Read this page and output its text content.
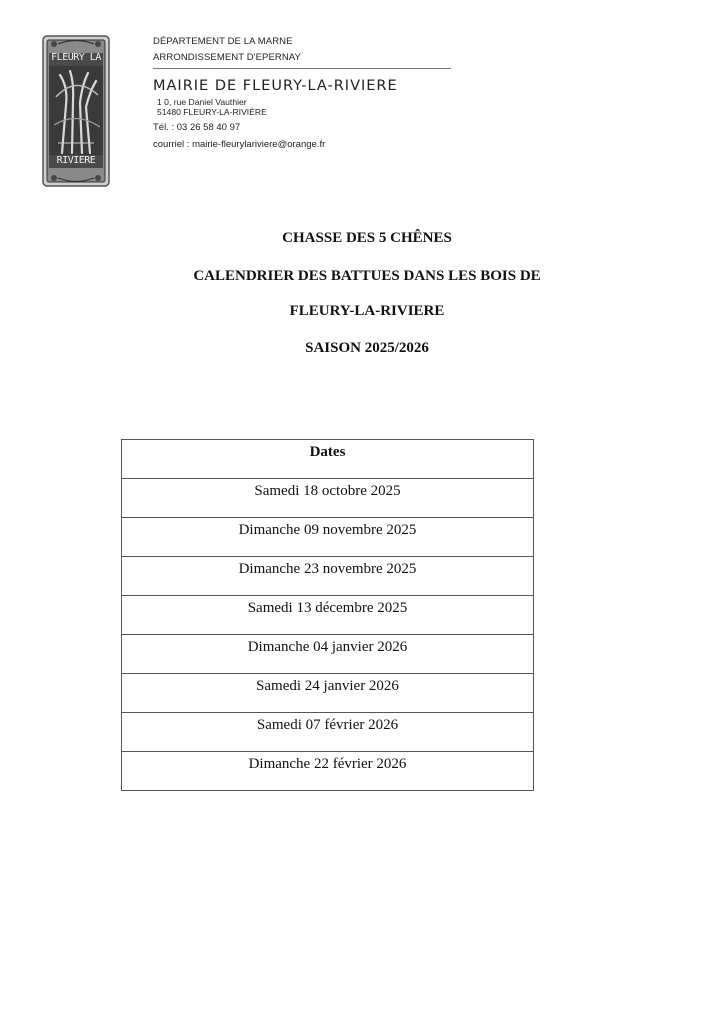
FLEURY LA
RIVIERE
DÉPARTEMENT DE LA MARNE
ARRONDISSEMENT D'EPERNAY
MAIRIE DE FLEURY-LA-RIVIERE
1 0, rue Daniel Vauthier
51480 FLEURY-LA-RIVIÈRE
Tél. : 03 26 58 40 97
courriel : mairie-fleurylariviere@orange.fr
CHASSE DES 5 CHÊNES
CALENDRIER DES BATTUES DANS LES BOIS DE
FLEURY-LA-RIVIERE
SAISON 2025/2026
Dates
Samedi 18 octobre 2025
Dimanche 09 novembre 2025
Dimanche 23 novembre 2025
Samedi 13 décembre 2025
Dimanche 04 janvier 2026
Samedi 24 janvier 2026
Samedi 07 février 2026
Dimanche 22 février 2026
